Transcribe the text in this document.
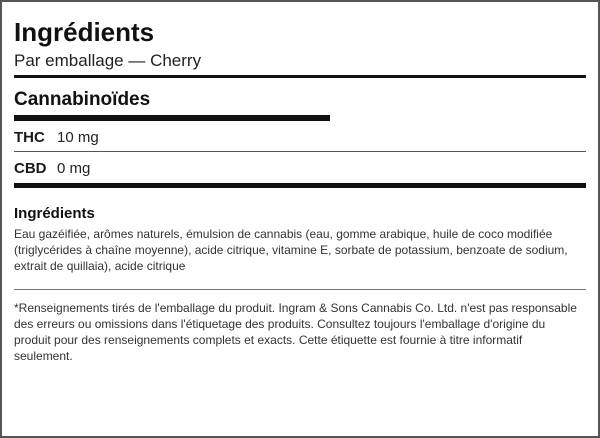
Ingrédients
Par emballage — Cherry
Cannabinoïdes
THC 10 mg
CBD 0 mg
Ingrédients
Eau gazéifiée, arômes naturels, émulsion de cannabis (eau, gomme arabique, huile de coco modifiée (triglycérides à chaîne moyenne), acide citrique, vitamine E, sorbate de potassium, benzoate de sodium, extrait de quillaia), acide citrique
*Renseignements tirés de l'emballage du produit. Ingram & Sons Cannabis Co. Ltd. n'est pas responsable des erreurs ou omissions dans l'étiquetage des produits. Consultez toujours l'emballage d'origine du produit pour des renseignements complets et exacts. Cette étiquette est fournie à titre informatif seulement.
